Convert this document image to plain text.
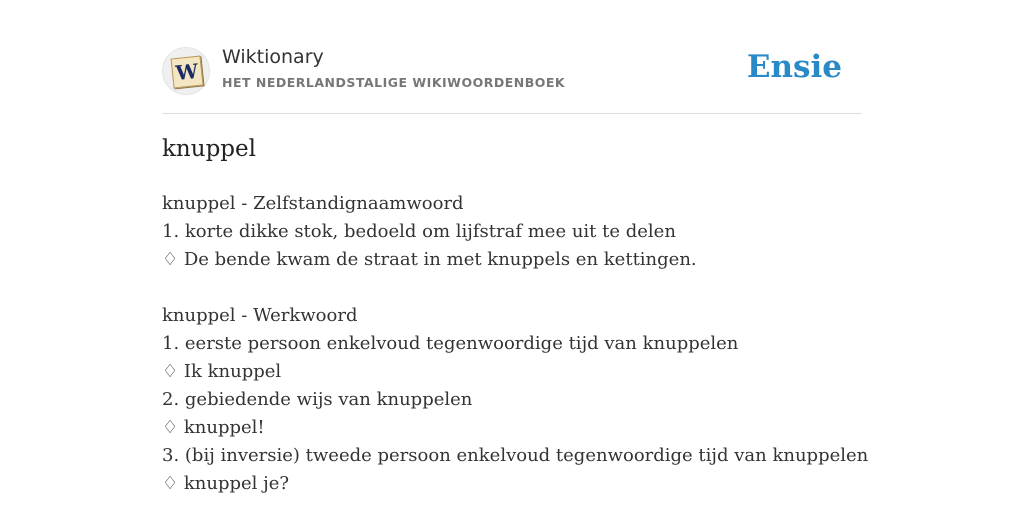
W
Wiktionary
HET NEDERLANDSTALIGE WIKIWOORDENBOEK	Ensie
knuppel
knuppel - Zelfstandignaamwoord
1. korte dikke stok, bedoeld om lijfstraf mee uit te delen
♢ De bende kwam de straat in met knuppels en kettingen.
knuppel - Werkwoord
1. eerste persoon enkelvoud tegenwoordige tijd van knuppelen
♢ Ik knuppel
2. gebiedende wijs van knuppelen
♢ knuppel!
3. (bij inversie) tweede persoon enkelvoud tegenwoordige tijd van knuppelen
♢ knuppel je?
